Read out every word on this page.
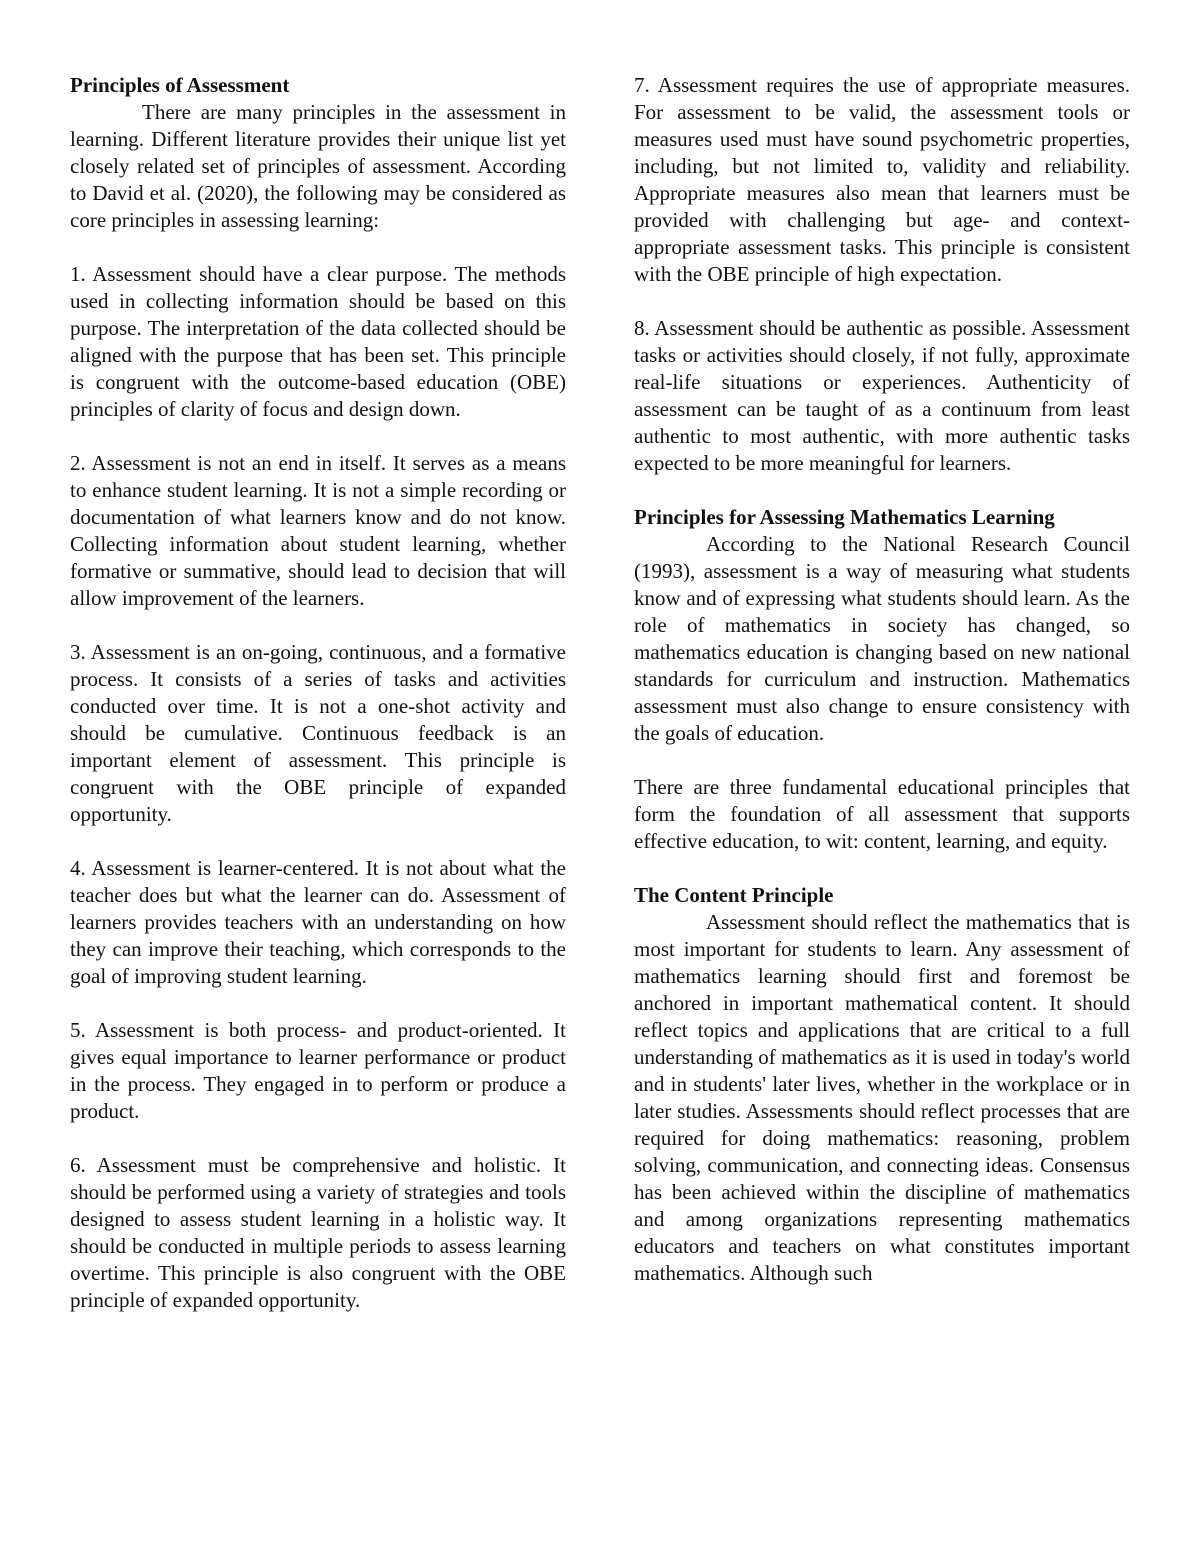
Principles of Assessment

There are many principles in the assessment in learning. Different literature provides their unique list yet closely related set of principles of assessment. According to David et al. (2020), the following may be considered as core principles in assessing learning:

1. Assessment should have a clear purpose. The methods used in collecting information should be based on this purpose. The interpretation of the data collected should be aligned with the purpose that has been set. This principle is congruent with the outcome-based education (OBE) principles of clarity of focus and design down.

2. Assessment is not an end in itself. It serves as a means to enhance student learning. It is not a simple recording or documentation of what learners know and do not know. Collecting information about student learning, whether formative or summative, should lead to decision that will allow improvement of the learners.

3. Assessment is an on-going, continuous, and a formative process. It consists of a series of tasks and activities conducted over time. It is not a one-shot activity and should be cumulative. Continuous feedback is an important element of assessment. This principle is congruent with the OBE principle of expanded opportunity.

4. Assessment is learner-centered. It is not about what the teacher does but what the learner can do. Assessment of learners provides teachers with an understanding on how they can improve their teaching, which corresponds to the goal of improving student learning.

5. Assessment is both process- and product-oriented. It gives equal importance to learner performance or product in the process. They engaged in to perform or produce a product.

6. Assessment must be comprehensive and holistic. It should be performed using a variety of strategies and tools designed to assess student learning in a holistic way. It should be conducted in multiple periods to assess learning overtime. This principle is also congruent with the OBE principle of expanded opportunity.

7. Assessment requires the use of appropriate measures. For assessment to be valid, the assessment tools or measures used must have sound psychometric properties, including, but not limited to, validity and reliability. Appropriate measures also mean that learners must be provided with challenging but age- and context-appropriate assessment tasks. This principle is consistent with the OBE principle of high expectation.

8. Assessment should be authentic as possible. Assessment tasks or activities should closely, if not fully, approximate real-life situations or experiences. Authenticity of assessment can be taught of as a continuum from least authentic to most authentic, with more authentic tasks expected to be more meaningful for learners.

Principles for Assessing Mathematics Learning

According to the National Research Council (1993), assessment is a way of measuring what students know and of expressing what students should learn. As the role of mathematics in society has changed, so mathematics education is changing based on new national standards for curriculum and instruction. Mathematics assessment must also change to ensure consistency with the goals of education.

There are three fundamental educational principles that form the foundation of all assessment that supports effective education, to wit: content, learning, and equity.

The Content Principle

Assessment should reflect the mathematics that is most important for students to learn. Any assessment of mathematics learning should first and foremost be anchored in important mathematical content. It should reflect topics and applications that are critical to a full understanding of mathematics as it is used in today's world and in students' later lives, whether in the workplace or in later studies. Assessments should reflect processes that are required for doing mathematics: reasoning, problem solving, communication, and connecting ideas. Consensus has been achieved within the discipline of mathematics and among organizations representing mathematics educators and teachers on what constitutes important mathematics. Although such
